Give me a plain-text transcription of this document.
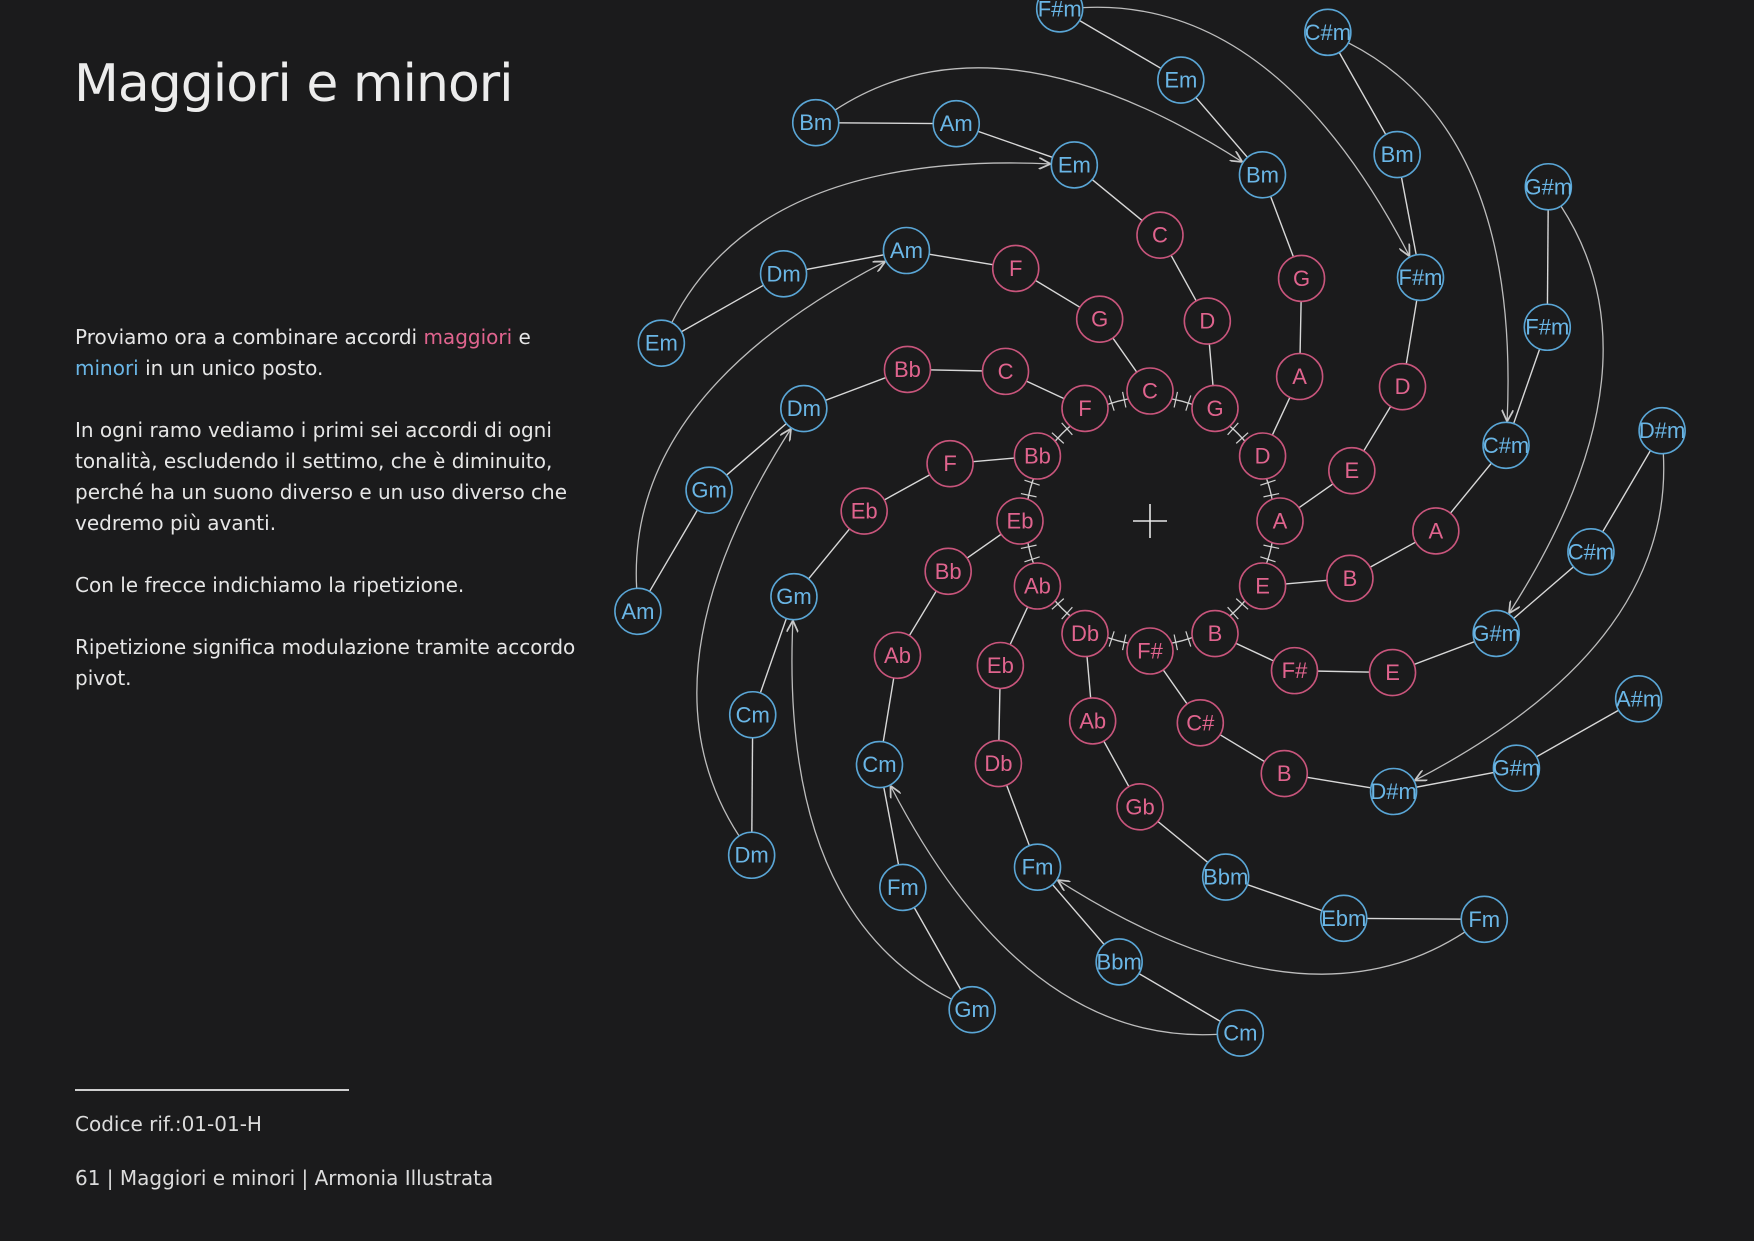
Maggiori e minori

Proviamo ora a combinare accordi maggiori e minori in un unico posto.

In ogni ramo vediamo i primi sei accordi di ogni tonalità, escludendo il settimo, che è diminuito, perché ha un suono diverso e un uso diverso che vedremo più avanti.

Con le frecce indichiamo la ripetizione.

Ripetizione significa modulazione tramite accordo pivot.

Codice rif.:01-01-H
61 | Maggiori e minori | Armonia Illustrata
C
G
F
Am
Dm
Em
G
D
C
Em
Am
Bm
D
A
G
Bm
Em
F#m
A
E
D
F#m
Bm
C#m
E	B
A
C#m
F#m
G#m
B
F#	E
G#m
C#m
D#m
F#
C#
B
D#m
G#m
A#m
Db
Ab
Gb
Bbm
Ebm	Fm
Ab
Eb
Db
Fm
Bbm
Cm
Eb
Bb
Ab
Cm
Fm
Gm
Bb
F
Eb
Gm
Cm
Dm
F
C
Bb
Dm
Gm
Am
